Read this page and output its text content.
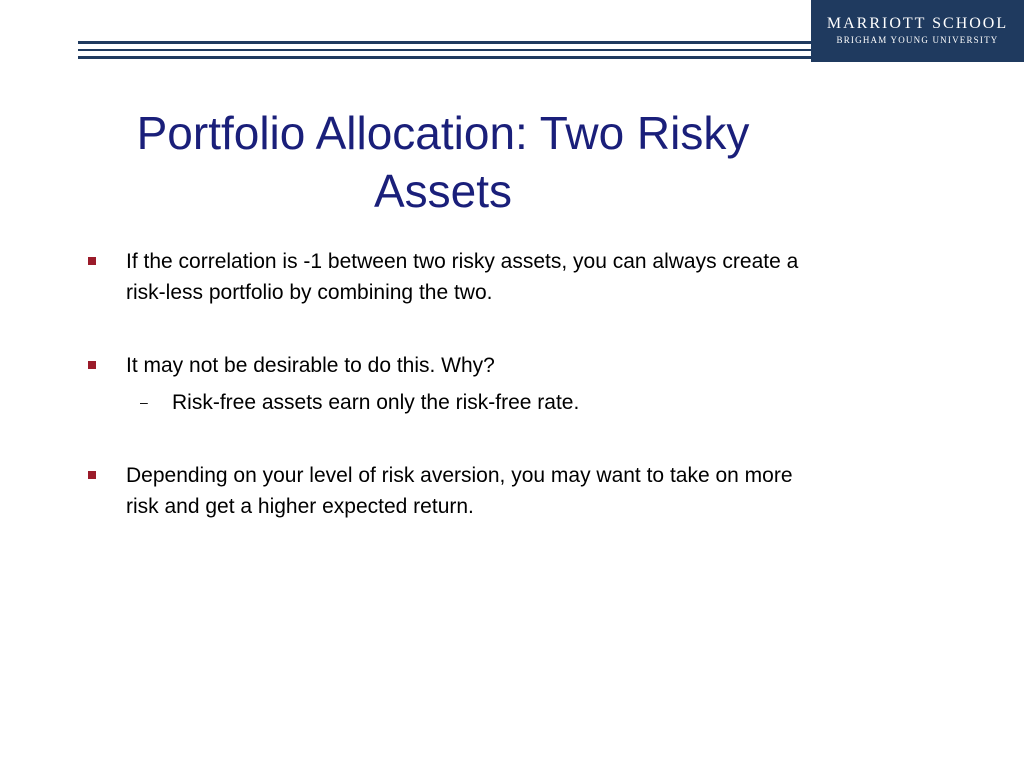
MARRIOTT SCHOOL
BRIGHAM YOUNG UNIVERSITY
Portfolio Allocation: Two Risky Assets
If the correlation is -1 between two risky assets, you can always create a risk-less portfolio by combining the two.
It may not be desirable to do this. Why?
– Risk-free assets earn only the risk-free rate.
Depending on your level of risk aversion, you may want to take on more risk and get a higher expected return.
